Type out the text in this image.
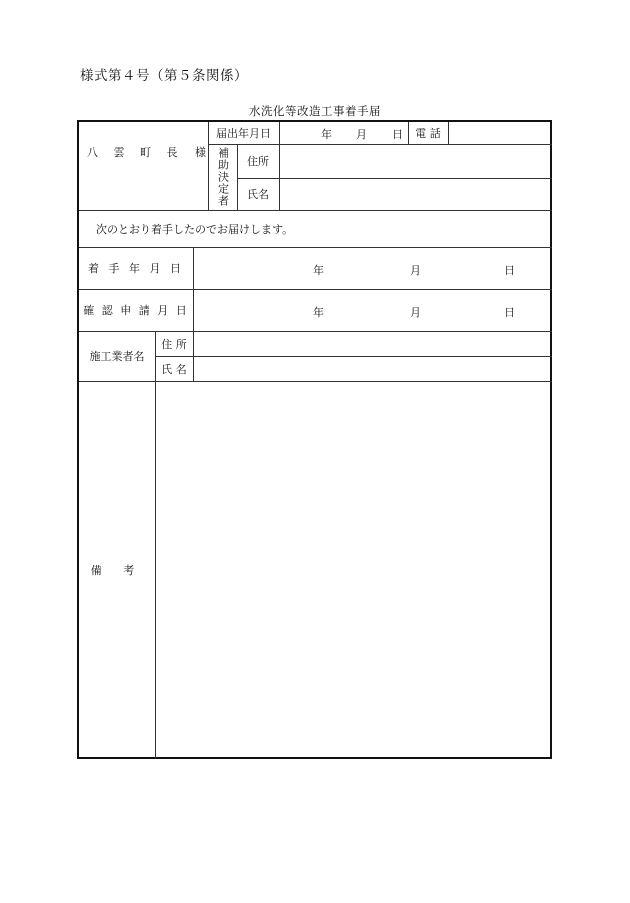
様式第４号（第５条関係）
水洗化等改造工事着手届
八 雲 町 長 様
届出年月日	年 月 日	電 話
補助決定者	住所
氏名
次のとおり着手したのでお届けします。
着 手 年 月 日	年	月	日
確 認 申 請 月 日	年	月	日
施工業者名
住 所
氏 名
備 考
